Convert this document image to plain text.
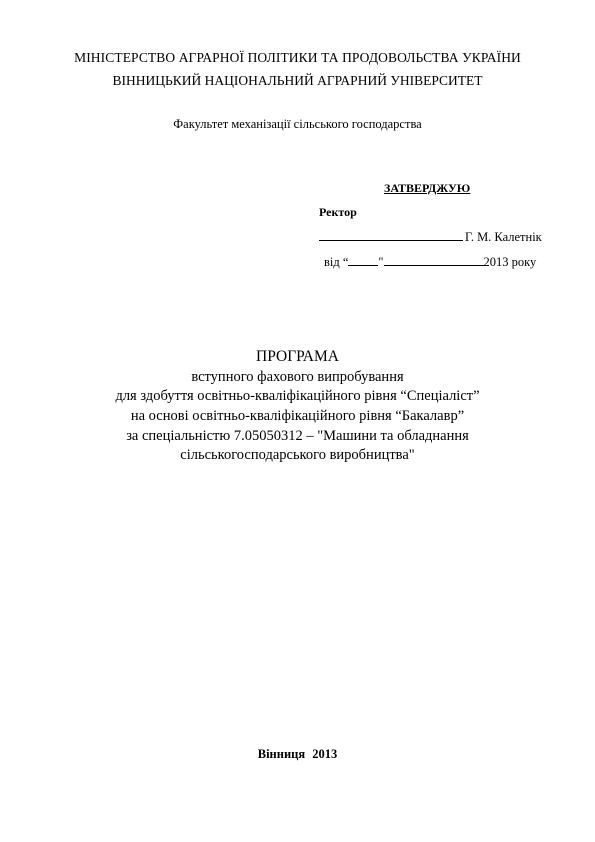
МІНІСТЕРСТВО АГРАРНОЇ ПОЛІТИКИ ТА ПРОДОВОЛЬСТВА УКРАЇНИ
ВІННИЦЬКИЙ НАЦІОНАЛЬНИЙ АГРАРНИЙ УНІВЕРСИТЕТ
Факультет механізації сільського господарства
ЗАТВЕРДЖУЮ
Ректор
Г. М. Калетнік
від “ "	2013 року
ПРОГРАМА
вступного фахового випробування
для здобуття освітньо-кваліфікаційного рівня “Спеціаліст”
на основі освітньо-кваліфікаційного рівня “Бакалавр”
за спеціальністю 7.05050312 – "Машини та обладнання
сільськогосподарського виробництва"
Вінниця 2013
